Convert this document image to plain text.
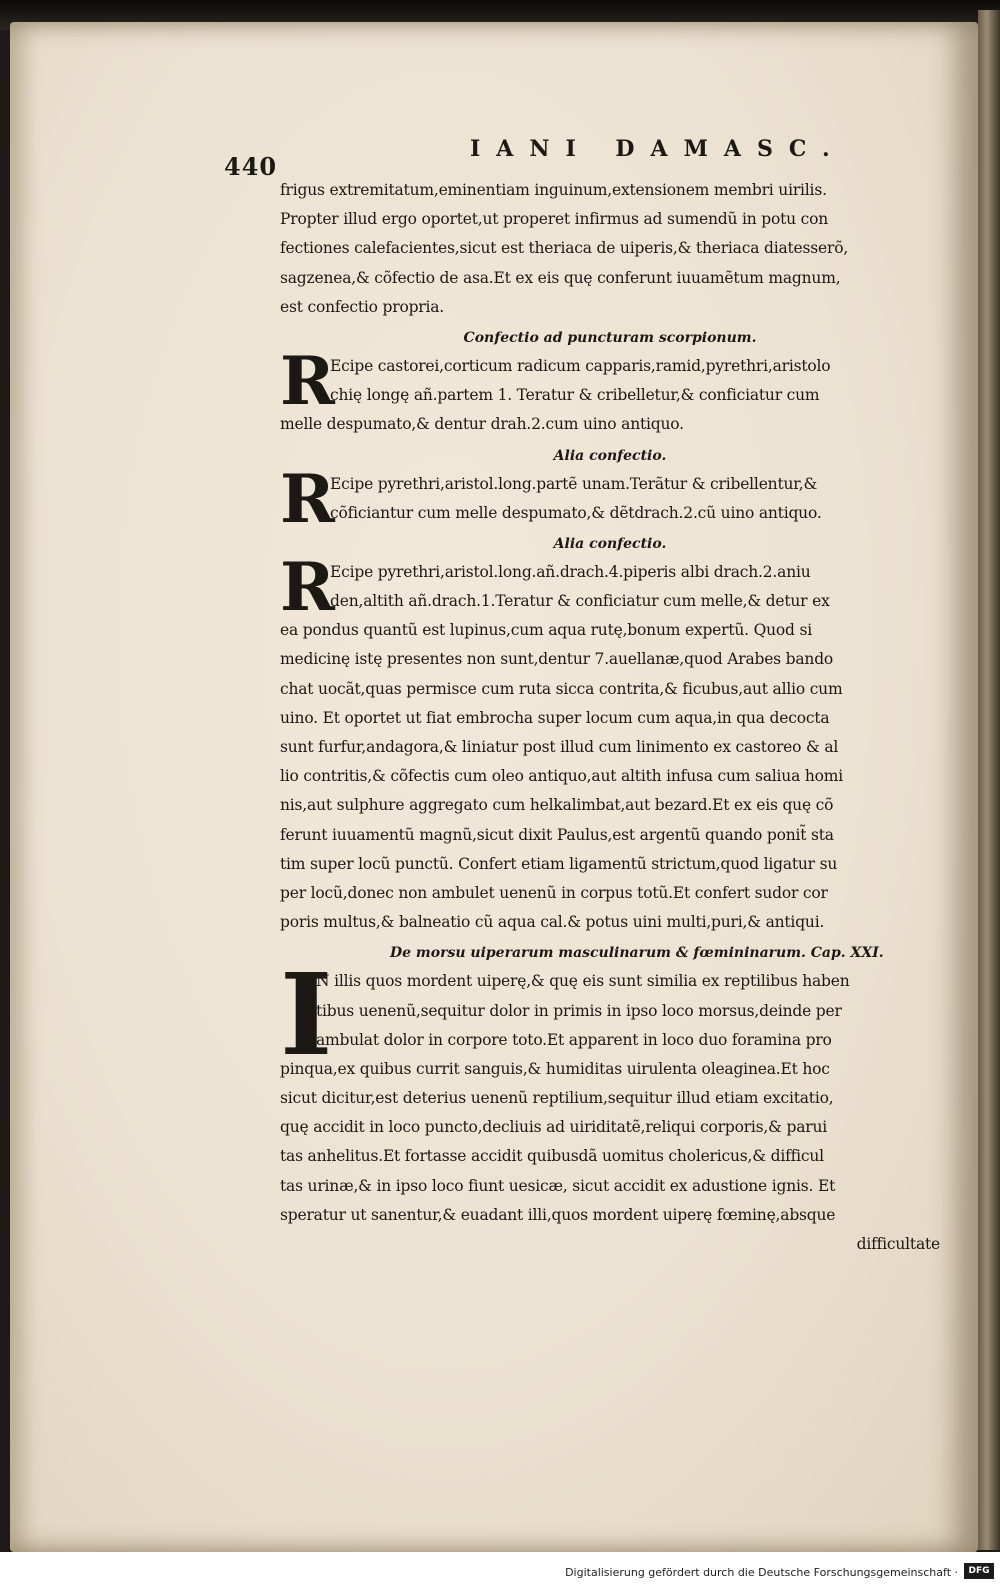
440
IANI DAMASC.
frigus extremitatum,eminentiam inguinum,extensionem membri uirilis.
Propter illud ergo oportet,ut properet infirmus ad sumendũ in potu con
fectiones calefacientes,sicut est theriaca de uiperis,& theriaca diatesserõ,
sagzenea,& cõfectio de asa.Et ex eis quę conferunt iuuamẽtum magnum,
est confectio propria.
Confectio ad puncturam scorpionum.
R
Ecipe castorei,corticum radicum capparis,ramid,pyrethri,aristolo
chię longę añ.partem 1. Teratur & cribelletur,& conficiatur cum
melle despumato,& dentur drah.2.cum uino antiquo.
Alia confectio.
R
Ecipe pyrethri,aristol.long.partẽ unam.Terãtur & cribellentur,&
cõficiantur cum melle despumato,& dẽtdrach.2.cũ uino antiquo.
Alia confectio.
R
Ecipe pyrethri,aristol.long.añ.drach.4.piperis albi drach.2.aniu
den,altith añ.drach.1.Teratur & conficiatur cum melle,& detur ex
ea pondus quantũ est lupinus,cum aqua rutę,bonum expertũ. Quod si
medicinę istę presentes non sunt,dentur 7.auellanæ,quod Arabes bando
chat uocãt,quas permisce cum ruta sicca contrita,& ficubus,aut allio cum
uino. Et oportet ut fiat embrocha super locum cum aqua,in qua decocta
sunt furfur,andagora,& liniatur post illud cum linimento ex castoreo & al
lio contritis,& cõfectis cum oleo antiquo,aut altith infusa cum saliua homi
nis,aut sulphure aggregato cum helkalimbat,aut bezard.Et ex eis quę cõ
ferunt iuuamentũ magnũ,sicut dixit Paulus,est argentũ quando ponit̃ sta
tim super locũ punctũ. Confert etiam ligamentũ strictum,quod ligatur su
per locũ,donec non ambulet uenenũ in corpus totũ.Et confert sudor cor
poris multus,& balneatio cũ aqua cal.& potus uini multi,puri,& antiqui.
De morsu uiperarum masculinarum & fœmininarum. Cap. XXI.
I
N illis quos mordent uiperę,& quę eis sunt similia ex reptilibus haben
tibus uenenũ,sequitur dolor in primis in ipso loco morsus,deinde per
ambulat dolor in corpore toto.Et apparent in loco duo foramina pro
pinqua,ex quibus currit sanguis,& humiditas uirulenta oleaginea.Et hoc
sicut dicitur,est deterius uenenũ reptilium,sequitur illud etiam excitatio,
quę accidit in loco puncto,decliuis ad uiriditatẽ,reliqui corporis,& parui
tas anhelitus.Et fortasse accidit quibusdã uomitus cholericus,& difficul
tas urinæ,& in ipso loco fiunt uesicæ, sicut accidit ex adustione ignis. Et
speratur ut sanentur,& euadant illi,quos mordent uiperę fœminę,absque
difficultate
Digitalisierung gefördert durch die Deutsche Forschungsgemeinschaft ·	DFG
